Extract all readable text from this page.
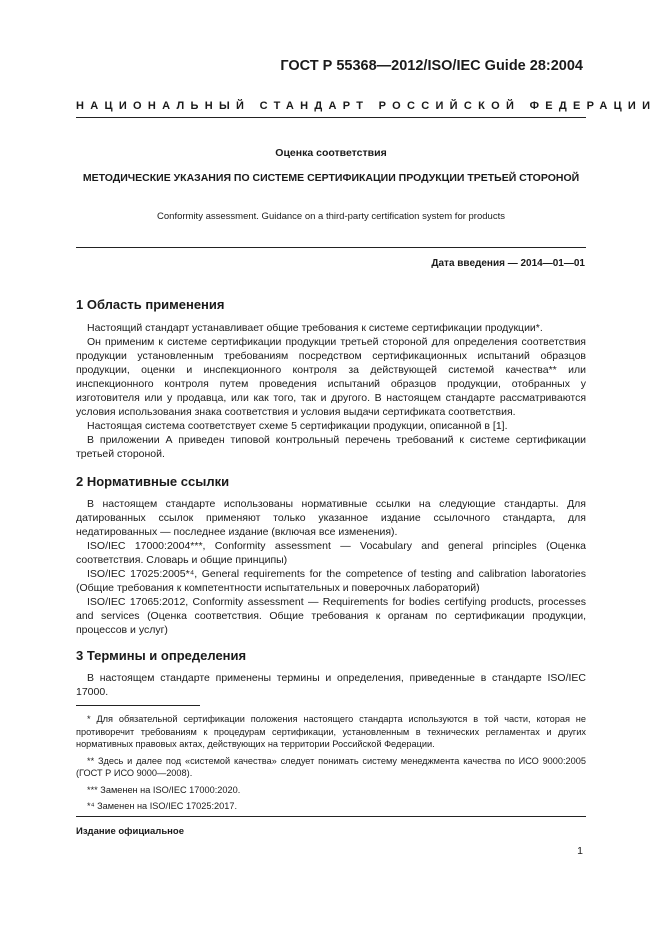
ГОСТ Р 55368—2012/ISO/IEC Guide 28:2004
НАЦИОНАЛЬНЫЙ СТАНДАРТ РОССИЙСКОЙ ФЕДЕРАЦИИ
Оценка соответствия
МЕТОДИЧЕСКИЕ УКАЗАНИЯ ПО СИСТЕМЕ СЕРТИФИКАЦИИ ПРОДУКЦИИ ТРЕТЬЕЙ СТОРОНОЙ
Conformity assessment. Guidance on a third-party certification system for products
Дата введения — 2014—01—01
1 Область применения

Настоящий стандарт устанавливает общие требования к системе сертификации продукции*.

Он применим к системе сертификации продукции третьей стороной для определения соответствия продукции установленным требованиям посредством сертификационных испытаний образцов продукции, оценки и инспекционного контроля за действующей системой качества** или инспекционного контроля путем проведения испытаний образцов продукции, отобранных у изготовителя или у продавца, или как того, так и другого. В настоящем стандарте рассматриваются условия использования знака соответствия и условия выдачи сертификата соответствия.

Настоящая система соответствует схеме 5 сертификации продукции, описанной в [1].

В приложении А приведен типовой контрольный перечень требований к системе сертификации третьей стороной.

2 Нормативные ссылки

В настоящем стандарте использованы нормативные ссылки на следующие стандарты. Для датированных ссылок применяют только указанное издание ссылочного стандарта, для недатированных — последнее издание (включая все изменения).

ISO/IEC 17000:2004***, Conformity assessment — Vocabulary and general principles (Оценка соответствия. Словарь и общие принципы)

ISO/IEC 17025:2005*⁴, General requirements for the competence of testing and calibration laboratories (Общие требования к компетентности испытательных и поверочных лабораторий)

ISO/IEC 17065:2012, Conformity assessment — Requirements for bodies certifying products, processes and services (Оценка соответствия. Общие требования к органам по сертификации продукции, процессов и услуг)

3 Термины и определения

В настоящем стандарте применены термины и определения, приведенные в стандарте ISO/IEC 17000.

* Для обязательной сертификации положения настоящего стандарта используются в той части, которая не противоречит требованиям к процедурам сертификации, установленным в технических регламентах и других нормативных правовых актах, действующих на территории Российской Федерации.

** Здесь и далее под «системой качества» следует понимать систему менеджмента качества по ИСО 9000:2005 (ГОСТ Р ИСО 9000—2008).

*** Заменен на ISO/IEC 17000:2020.

*⁴ Заменен на ISO/IEC 17025:2017.

Издание официальное
1
